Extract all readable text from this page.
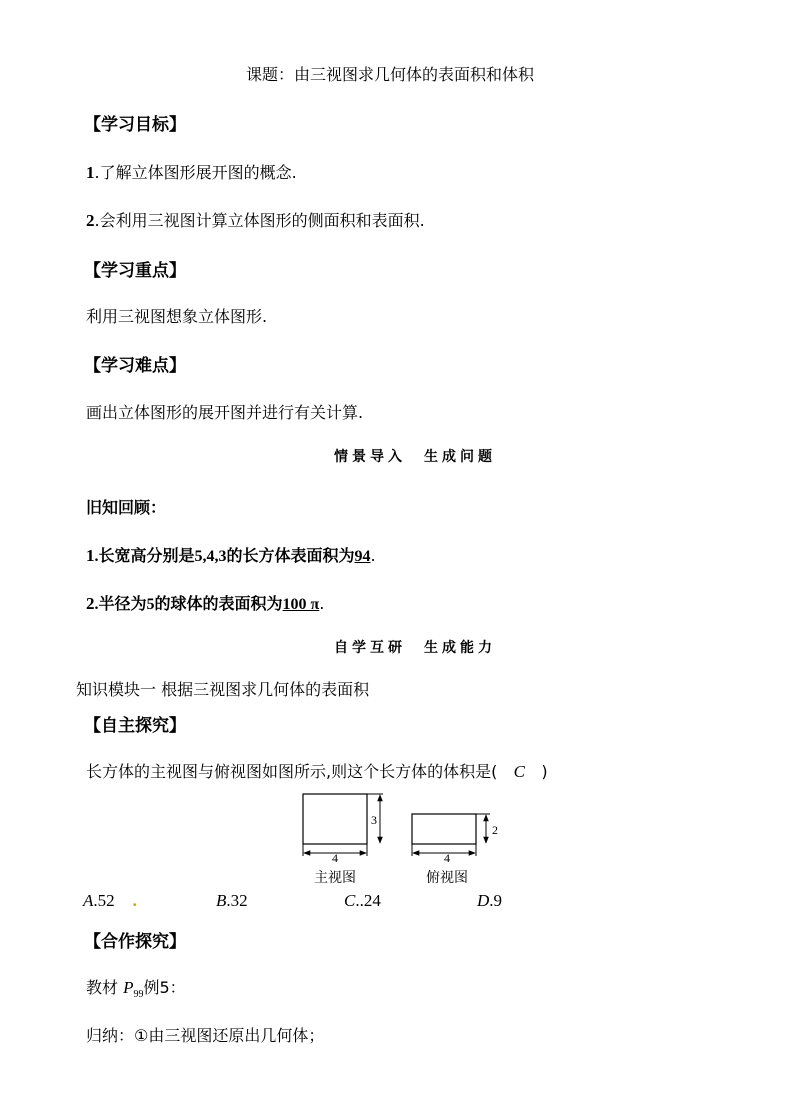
课题：由三视图求几何体的表面积和体积
【学习目标】
1.了解立体图形展开图的概念.
2.会利用三视图计算立体图形的侧面积和表面积.
【学习重点】
利用三视图想象立体图形.
【学习难点】
画出立体图形的展开图并进行有关计算.
情景导入　生成问题
旧知回顾：
1.长宽高分别是5,4,3的长方体表面积为94.
2.半径为5的球体的表面积为100 π.
自学互研　生成能力
知识模块一 根据三视图求几何体的表面积
【自主探究】
长方体的主视图与俯视图如图所示,则这个长方体的体积是( C )
4
3
主视图
4
2
俯视图
A.52 .	B.32	C..24	D.9
【合作探究】
教材 $P_{99}$例5：
归纳：①由三视图还原出几何体；
